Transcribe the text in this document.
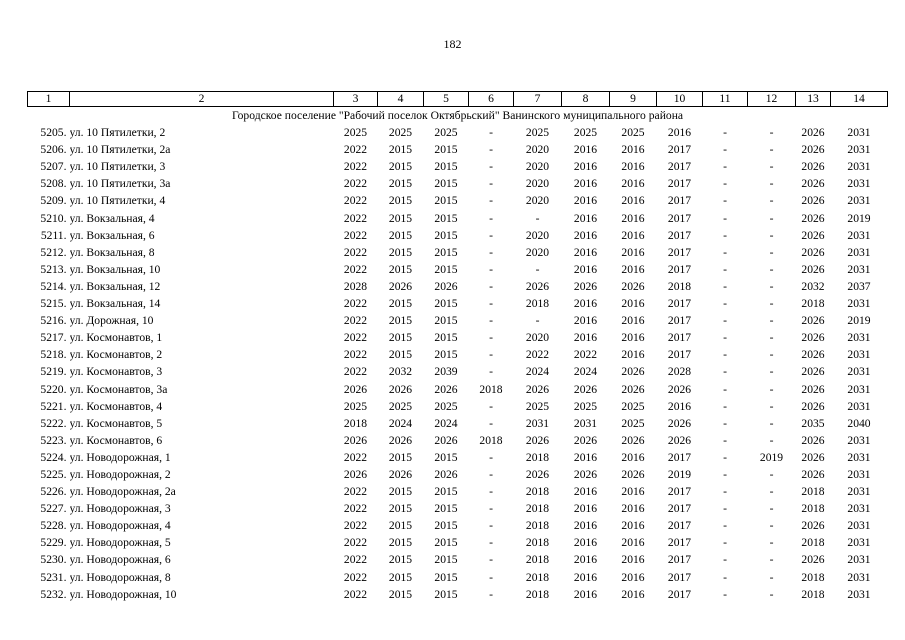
182
1	2	3	4	5	6	7	8	9	10	11	12	13	14
Городское поселение "Рабочий поселок Октябрьский" Ванинского муниципального района													
5205.	ул. 10 Пятилетки, 2	2025	2025	2025	-	2025	2025	2025	2016	-	-	2026	2031
5206.	ул. 10 Пятилетки, 2а	2022	2015	2015	-	2020	2016	2016	2017	-	-	2026	2031
5207.	ул. 10 Пятилетки, 3	2022	2015	2015	-	2020	2016	2016	2017	-	-	2026	2031
5208.	ул. 10 Пятилетки, 3а	2022	2015	2015	-	2020	2016	2016	2017	-	-	2026	2031
5209.	ул. 10 Пятилетки, 4	2022	2015	2015	-	2020	2016	2016	2017	-	-	2026	2031
5210.	ул. Вокзальная, 4	2022	2015	2015	-	-	2016	2016	2017	-	-	2026	2019
5211.	ул. Вокзальная, 6	2022	2015	2015	-	2020	2016	2016	2017	-	-	2026	2031
5212.	ул. Вокзальная, 8	2022	2015	2015	-	2020	2016	2016	2017	-	-	2026	2031
5213.	ул. Вокзальная, 10	2022	2015	2015	-	-	2016	2016	2017	-	-	2026	2031
5214.	ул. Вокзальная, 12	2028	2026	2026	-	2026	2026	2026	2018	-	-	2032	2037
5215.	ул. Вокзальная, 14	2022	2015	2015	-	2018	2016	2016	2017	-	-	2018	2031
5216.	ул. Дорожная, 10	2022	2015	2015	-	-	2016	2016	2017	-	-	2026	2019
5217.	ул. Космонавтов, 1	2022	2015	2015	-	2020	2016	2016	2017	-	-	2026	2031
5218.	ул. Космонавтов, 2	2022	2015	2015	-	2022	2022	2016	2017	-	-	2026	2031
5219.	ул. Космонавтов, 3	2022	2032	2039	-	2024	2024	2026	2028	-	-	2026	2031
5220.	ул. Космонавтов, 3а	2026	2026	2026	2018	2026	2026	2026	2026	-	-	2026	2031
5221.	ул. Космонавтов, 4	2025	2025	2025	-	2025	2025	2025	2016	-	-	2026	2031
5222.	ул. Космонавтов, 5	2018	2024	2024	-	2031	2031	2025	2026	-	-	2035	2040
5223.	ул. Космонавтов, 6	2026	2026	2026	2018	2026	2026	2026	2026	-	-	2026	2031
5224.	ул. Новодорожная, 1	2022	2015	2015	-	2018	2016	2016	2017	-	2019	2026	2031
5225.	ул. Новодорожная, 2	2026	2026	2026	-	2026	2026	2026	2019	-	-	2026	2031
5226.	ул. Новодорожная, 2а	2022	2015	2015	-	2018	2016	2016	2017	-	-	2018	2031
5227.	ул. Новодорожная, 3	2022	2015	2015	-	2018	2016	2016	2017	-	-	2018	2031
5228.	ул. Новодорожная, 4	2022	2015	2015	-	2018	2016	2016	2017	-	-	2026	2031
5229.	ул. Новодорожная, 5	2022	2015	2015	-	2018	2016	2016	2017	-	-	2018	2031
5230.	ул. Новодорожная, 6	2022	2015	2015	-	2018	2016	2016	2017	-	-	2026	2031
5231.	ул. Новодорожная, 8	2022	2015	2015	-	2018	2016	2016	2017	-	-	2018	2031
5232.	ул. Новодорожная, 10	2022	2015	2015	-	2018	2016	2016	2017	-	-	2018	2031
